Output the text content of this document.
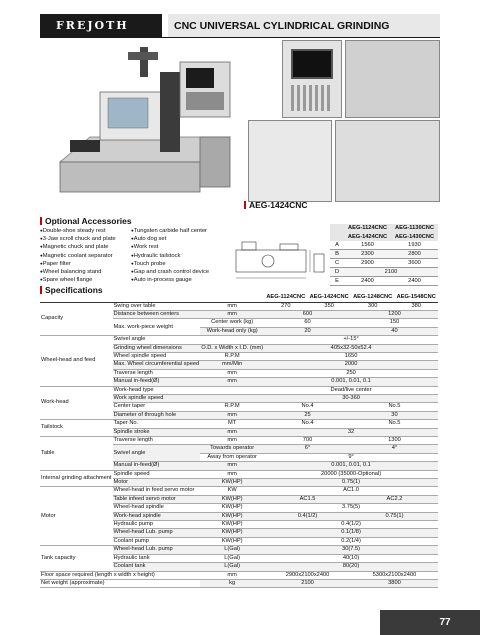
FREJOTH	CNC UNIVERSAL CYLINDRICAL GRINDING
AEG-1424CNC
Optional Accessories
● Double-shoe steady rest
● 3-Jaw scroll chuck and plate
● Magnetic chuck and plate
● Magnetic coolant separator
● Paper filter
● Wheel balancing stand
● Spare wheel flange
● Tungsten carbide half center
● Auto dog set
● Work rest
● Hydraulic tailstock
● Touch probe
● Gap and crash control device
● Auto in-process gauge
	AEG-1124CNC	AEG-1130CNC
	AEG-1424CNC	AEG-1430CNC
A	1560	1930
B	2300	2800
C	2900	3600
D	2100	
E	2400	2400
Specifications
			AEG-1124CNC	AEG-1424CNC	AEG-1248CNC	AEG-1548CNC
Capacity	Swing over table	mm	270	350	300	380
	Distance between centers	mm	600		1200	
	Max. work-piece weight	Center work (kg)	60		150	
		Work-head only (kg)	20		40	
Wheel-head and feed	Swivel angle		+/-15°			
	Grinding wheel dimensions	O.D. x Width x I.D. (mm)	405x32-50x52.4			
	Wheel spindle speed	R.P.M	1650			
	Max. Wheel circumferential speed	mm/Min	2000			
	Traverse length	mm	250			
	Manual in-feed(Ø)	mm	0.001, 0.01, 0.1			
Work-head	Work-head type		Dead/live center			
	Work spindle speed		30-360			
	Center taper	R.P.M	No.4		No.5	
	Diameter of through hole	mm	25		30	
Tailstock	Taper No.	MT	No.4		No.5	
	Spindle stroke	mm	32			
Table	Traverse length	mm	700		1300	
	Swivel angle	Towards operator	6°		4°	
		Away from operator	9°			
	Manual in-feed(Ø)	mm	0.001, 0.01, 0.1			
Internal grinding attachment	Spindle speed	mm	20000 (35000-Optional)			
	Motor	KW(HP)	0.75(1)			
Motor	Wheel-head in feed servo motor	KW	AC1.0			
	Table infeed servo motor	KW(HP)	AC1.5		AC2.2	
	Wheel-head spindle	KW(HP)	3.75(5)			
	Work-head spindle	KW(HP)	0.4(1/2)		0.75(1)	
	Hydraulic pump	KW(HP)	0.4(1/2)			
	Wheel-head Lub. pump	KW(HP)	0.1(1/8)			
	Coolant pump	KW(HP)	0.2(1/4)			
Tank capacity	Wheel-head Lub. pump	L(Gal)	30(7.5)			
	Hydraulic tank	L(Gal)	40(10)			
	Coolant tank	L(Gal)	80(20)			
Floor space required (length x width x height)		mm	2900x2100x2400		5300x2100x2400	
Net weight (approximate)		kg	2100		3800	
77
